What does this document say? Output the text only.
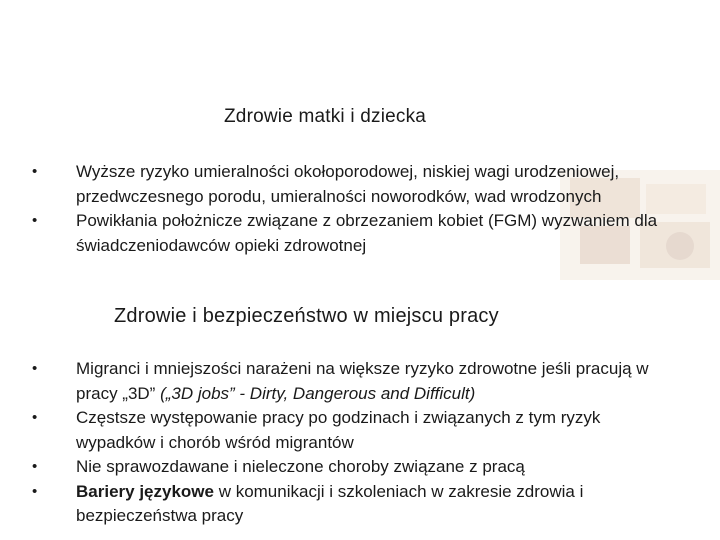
Zdrowie matki i dziecka
• Wyższe ryzyko umieralności okołoporodowej, niskiej wagi urodzeniowej, przedwczesnego porodu, umieralności noworodków, wad wrodzonych
• Powikłania położnicze związane z obrzezaniem kobiet (FGM) wyzwaniem dla świadczeniodawców opieki zdrowotnej
Zdrowie i bezpieczeństwo w miejscu pracy
• Migranci i mniejszości narażeni na większe ryzyko zdrowotne jeśli pracują w pracy „3D” („3D jobs” - Dirty, Dangerous and Difficult)
• Częstsze występowanie pracy po godzinach i związanych z tym ryzyk wypadków i chorób wśród migrantów
• Nie sprawozdawane i nieleczone choroby związane z pracą
• Bariery językowe w komunikacji i szkoleniach w zakresie zdrowia i bezpieczeństwa pracy
